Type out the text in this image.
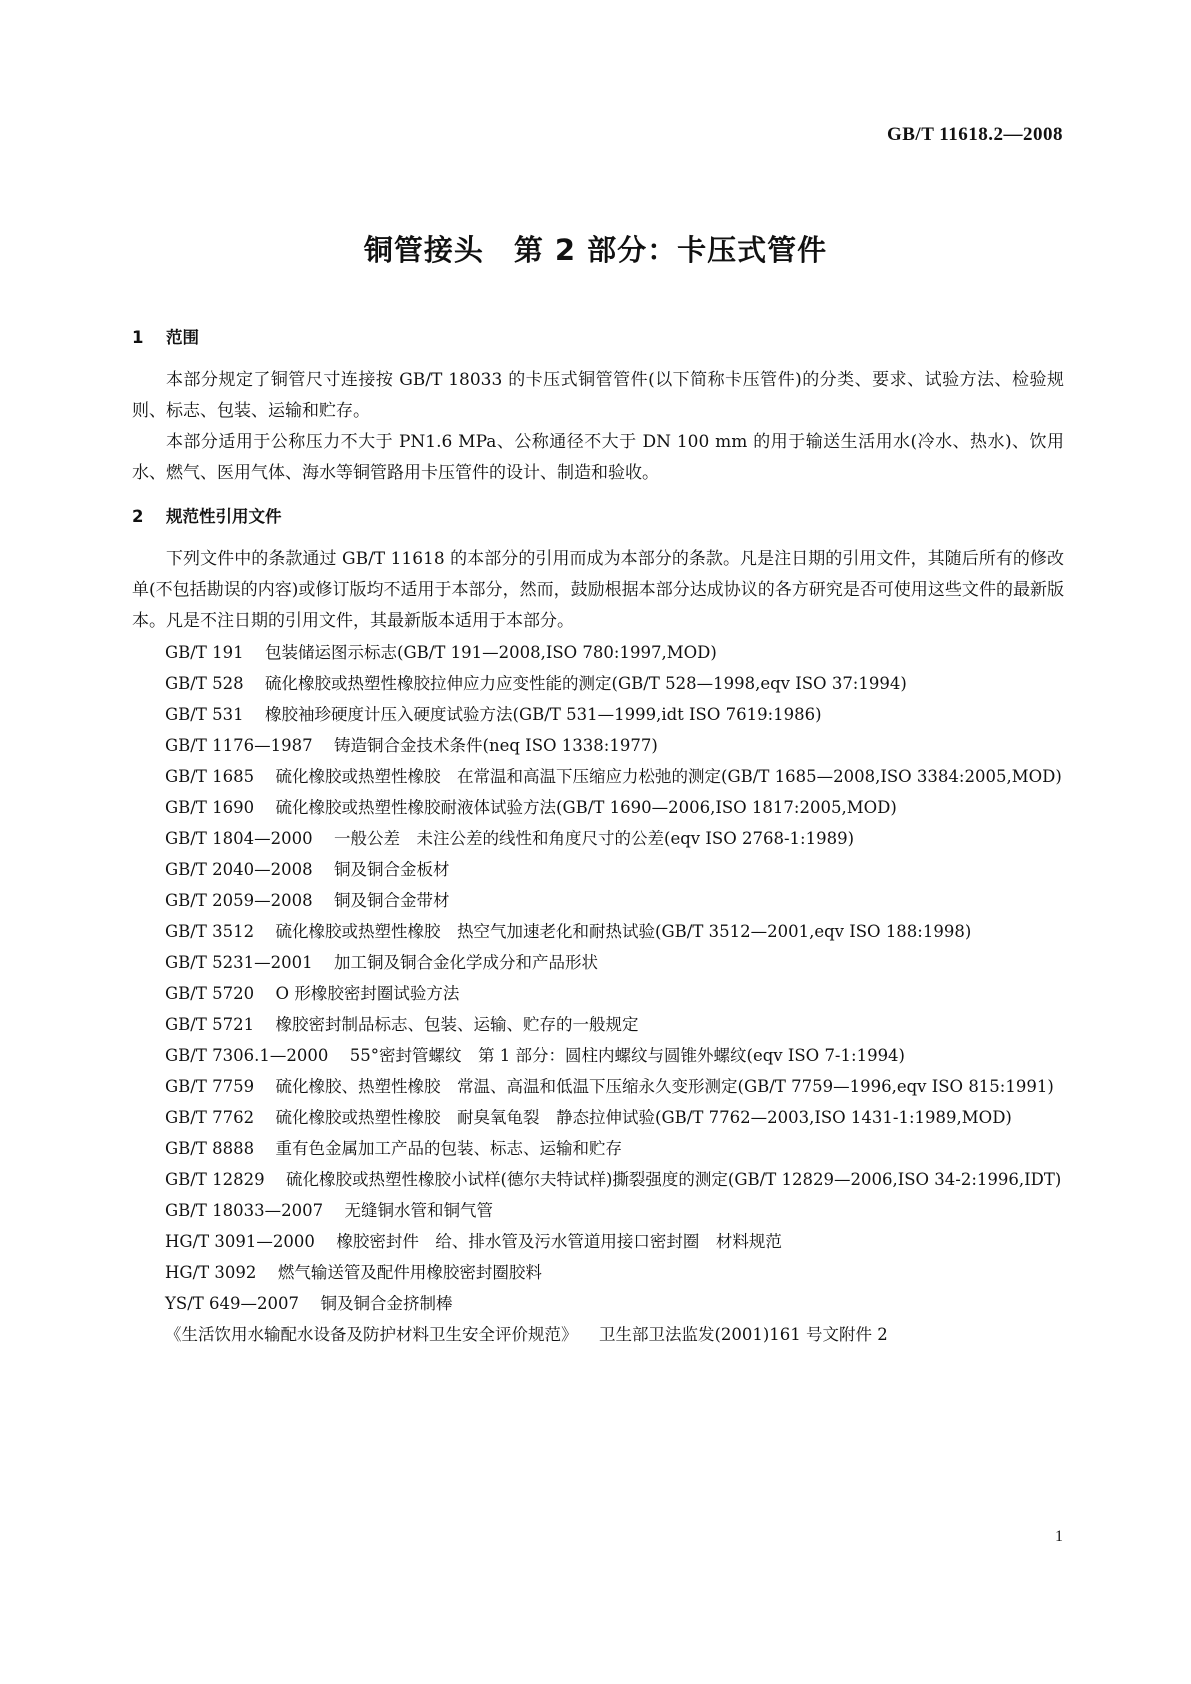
GB/T 11618.2—2008
铜管接头　第 2 部分：卡压式管件
1 范围

本部分规定了铜管尺寸连接按 GB/T 18033 的卡压式铜管管件(以下简称卡压管件)的分类、要求、试验方法、检验规则、标志、包装、运输和贮存。

本部分适用于公称压力不大于 PN1.6 MPa、公称通径不大于 DN 100 mm 的用于输送生活用水(冷水、热水)、饮用水、燃气、医用气体、海水等铜管路用卡压管件的设计、制造和验收。

2 规范性引用文件

下列文件中的条款通过 GB/T 11618 的本部分的引用而成为本部分的条款。凡是注日期的引用文件，其随后所有的修改单(不包括勘误的内容)或修订版均不适用于本部分，然而，鼓励根据本部分达成协议的各方研究是否可使用这些文件的最新版本。凡是不注日期的引用文件，其最新版本适用于本部分。

GB/T 191 包装储运图示标志(GB/T 191—2008,ISO 780:1997,MOD)

GB/T 528 硫化橡胶或热塑性橡胶拉伸应力应变性能的测定(GB/T 528—1998,eqv ISO 37:1994)

GB/T 531 橡胶袖珍硬度计压入硬度试验方法(GB/T 531—1999,idt ISO 7619:1986)

GB/T 1176—1987 铸造铜合金技术条件(neq ISO 1338:1977)

GB/T 1685 硫化橡胶或热塑性橡胶　在常温和高温下压缩应力松弛的测定(GB/T 1685—2008,ISO 3384:2005,MOD)

GB/T 1690 硫化橡胶或热塑性橡胶耐液体试验方法(GB/T 1690—2006,ISO 1817:2005,MOD)

GB/T 1804—2000 一般公差　未注公差的线性和角度尺寸的公差(eqv ISO 2768-1:1989)

GB/T 2040—2008 铜及铜合金板材

GB/T 2059—2008 铜及铜合金带材

GB/T 3512 硫化橡胶或热塑性橡胶　热空气加速老化和耐热试验(GB/T 3512—2001,eqv ISO 188:1998)

GB/T 5231—2001 加工铜及铜合金化学成分和产品形状

GB/T 5720 O 形橡胶密封圈试验方法

GB/T 5721 橡胶密封制品标志、包装、运输、贮存的一般规定

GB/T 7306.1—2000 55°密封管螺纹　第 1 部分：圆柱内螺纹与圆锥外螺纹(eqv ISO 7-1:1994)

GB/T 7759 硫化橡胶、热塑性橡胶　常温、高温和低温下压缩永久变形测定(GB/T 7759—1996,eqv ISO 815:1991)

GB/T 7762 硫化橡胶或热塑性橡胶　耐臭氧龟裂　静态拉伸试验(GB/T 7762—2003,ISO 1431-1:1989,MOD)

GB/T 8888 重有色金属加工产品的包装、标志、运输和贮存

GB/T 12829 硫化橡胶或热塑性橡胶小试样(德尔夫特试样)撕裂强度的测定(GB/T 12829—2006,ISO 34-2:1996,IDT)

GB/T 18033—2007 无缝铜水管和铜气管

HG/T 3091—2000 橡胶密封件　给、排水管及污水管道用接口密封圈　材料规范

HG/T 3092 燃气输送管及配件用橡胶密封圈胶料

YS/T 649—2007 铜及铜合金挤制棒

《生活饮用水输配水设备及防护材料卫生安全评价规范》 卫生部卫法监发(2001)161 号文附件 2

1
